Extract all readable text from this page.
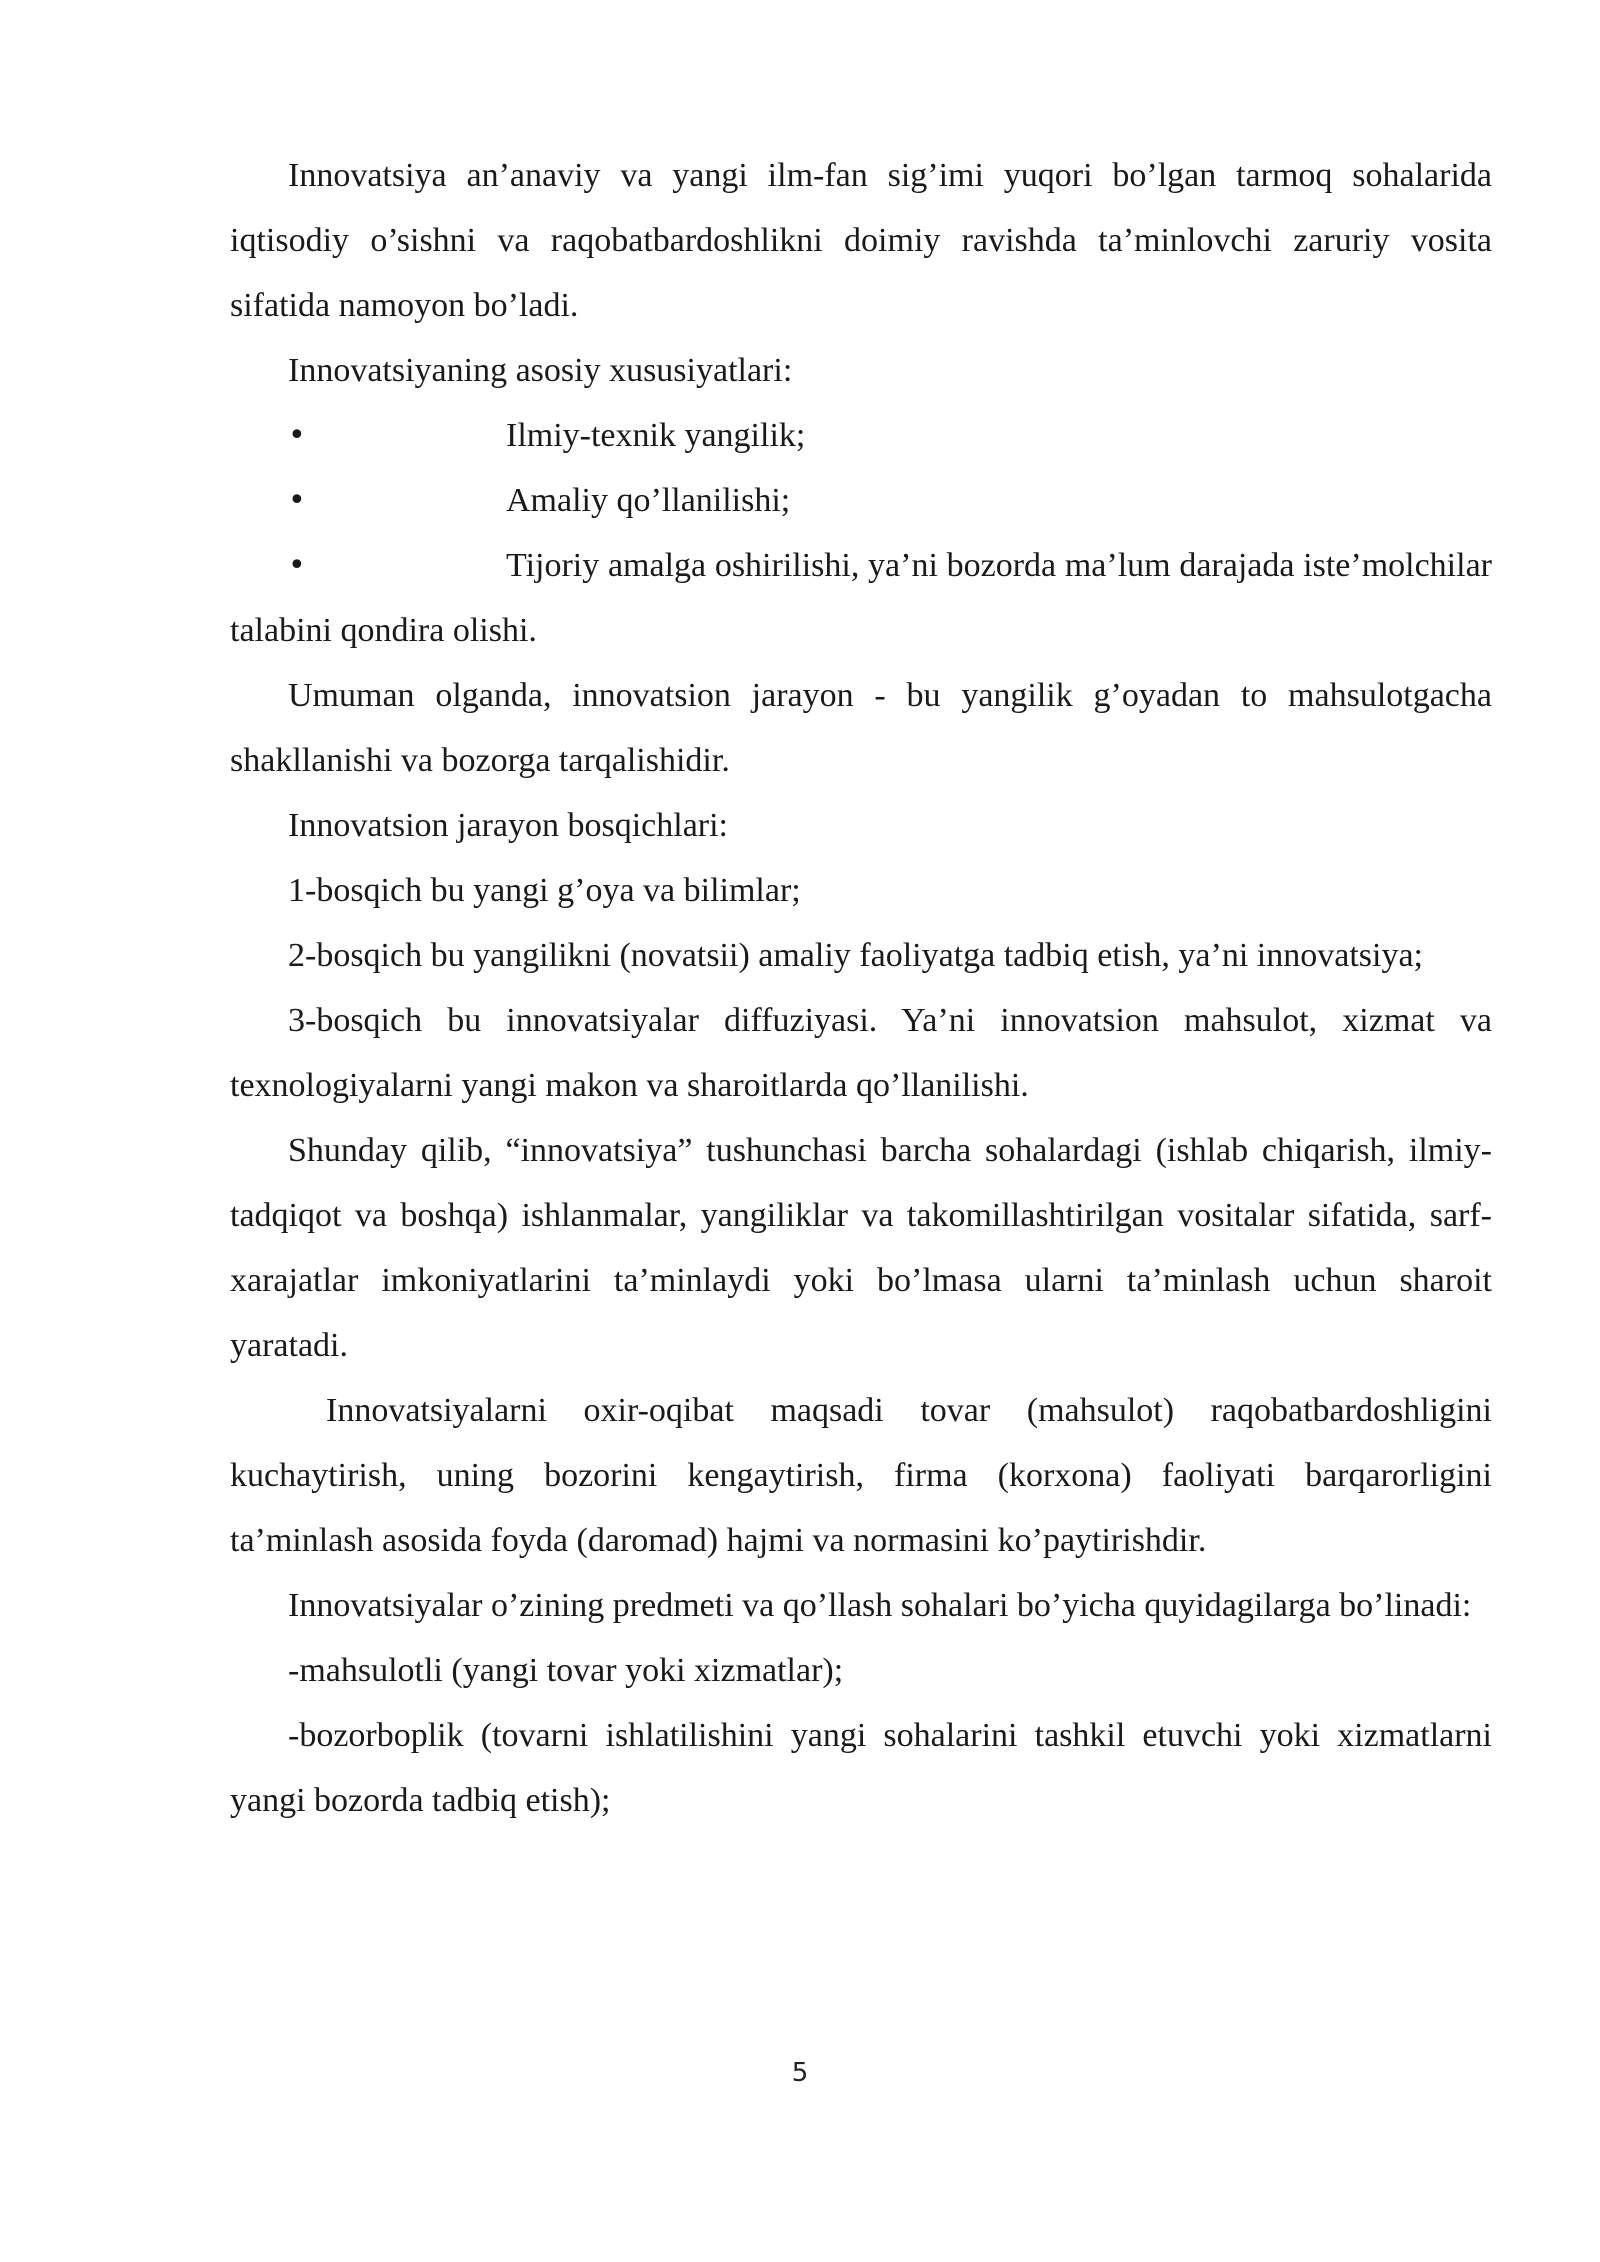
Innovatsiya an’anaviy va yangi ilm-fan sig’imi yuqori bo’lgan tarmoq sohalarida iqtisodiy o’sishni va raqobatbardoshlikni doimiy ravishda ta’minlovchi zaruriy vosita sifatida namoyon bo’ladi.

Innovatsiyaning asosiy xususiyatlari:

•	Ilmiy-texnik yangilik;

•	Amaliy qo’llanilishi;

•	Tijoriy amalga oshirilishi, ya’ni bozorda ma’lum darajada iste’molchilar talabini qondira olishi.

Umuman olganda, innovatsion jarayon - bu yangilik g’oyadan to mahsulotgacha shakllanishi va bozorga tarqalishidir.

Innovatsion jarayon bosqichlari:

1-bosqich bu yangi g’oya va bilimlar;

2-bosqich bu yangilikni (novatsii) amaliy faoliyatga tadbiq etish, ya’ni innovatsiya;

3-bosqich bu innovatsiyalar diffuziyasi. Ya’ni innovatsion mahsulot, xizmat va texnologiyalarni yangi makon va sharoitlarda qo’llanilishi.

Shunday qilib, “innovatsiya” tushunchasi barcha sohalardagi (ishlab chiqarish, ilmiy-tadqiqot va boshqa) ishlanmalar, yangiliklar va takomillashtirilgan vositalar sifatida, sarf-xarajatlar imkoniyatlarini ta’minlaydi yoki bo’lmasa ularni ta’minlash uchun sharoit yaratadi.

Innovatsiyalarni oxir-oqibat maqsadi tovar (mahsulot) raqobatbardoshligini kuchaytirish, uning bozorini kengaytirish, firma (korxona) faoliyati barqarorligini ta’minlash asosida foyda (daromad) hajmi va normasini ko’paytirishdir.

Innovatsiyalar o’zining predmeti va qo’llash sohalari bo’yicha quyidagilarga bo’linadi:

-mahsulotli (yangi tovar yoki xizmatlar);

-bozorboplik (tovarni ishlatilishini yangi sohalarini tashkil etuvchi yoki xizmatlarni yangi bozorda tadbiq etish);

5
